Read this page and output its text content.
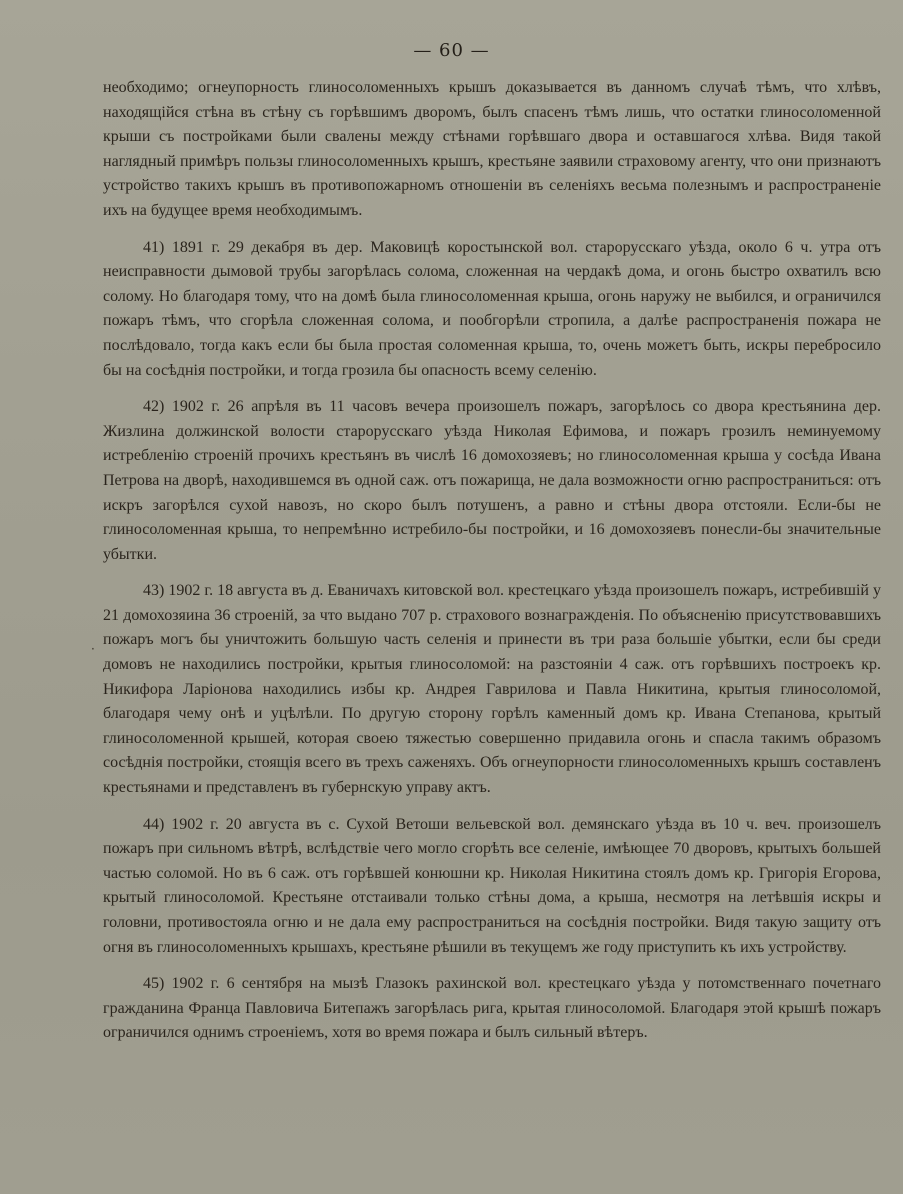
— 60 —
·

необходимо; огнеупорность глиносоломенныхъ крышъ доказывается въ данномъ случаѣ тѣмъ, что хлѣвъ, находящійся стѣна въ стѣну съ горѣвшимъ дворомъ, былъ спасенъ тѣмъ лишь, что остатки глиносоломенной крыши съ постройками были свалены между стѣнами горѣвшаго двора и оставшагося хлѣва. Видя такой наглядный примѣръ пользы глиносоломенныхъ крышъ, крестьяне заявили страховому агенту, что они признаютъ устройство такихъ крышъ въ противопожарномъ отношеніи въ селеніяхъ весьма полезнымъ и распространеніе ихъ на будущее время необходимымъ.

41) 1891 г. 29 декабря въ дер. Маковицѣ коростынской вол. старорусскаго уѣзда, около 6 ч. утра отъ неисправности дымовой трубы загорѣлась солома, сложенная на чердакѣ дома, и огонь быстро охватилъ всю солому. Но благодаря тому, что на домѣ была глиносоломенная крыша, огонь наружу не выбился, и ограничился пожаръ тѣмъ, что сгорѣла сложенная солома, и пообгорѣли стропила, а далѣе распространенія пожара не послѣдовало, тогда какъ если бы была простая соломенная крыша, то, очень можетъ быть, искры перебросило бы на сосѣднія постройки, и тогда грозила бы опасность всему селенію.

42) 1902 г. 26 апрѣля въ 11 часовъ вечера произошелъ пожаръ, загорѣлось со двора крестьянина дер. Жизлина должинской волости старорусскаго уѣзда Николая Ефимова, и пожаръ грозилъ неминуемому истребленію строеній прочихъ крестьянъ въ числѣ 16 домохозяевъ; но глиносоломенная крыша у сосѣда Ивана Петрова на дворѣ, находившемся въ одной саж. отъ пожарища, не дала возможности огню распространиться: отъ искръ загорѣлся сухой навозъ, но скоро былъ потушенъ, а равно и стѣны двора отстояли. Если-бы не глиносоломенная крыша, то непремѣнно истребило-бы постройки, и 16 домохозяевъ понесли-бы значительные убытки.

43) 1902 г. 18 августа въ д. Еваничахъ китовской вол. крестецкаго уѣзда произошелъ пожаръ, истребившій у 21 домохозяина 36 строеній, за что выдано 707 р. страхового вознагражденія. По объясненію присутствовавшихъ пожаръ могъ бы уничтожить большую часть селенія и принести въ три раза большіе убытки, если бы среди домовъ не находились постройки, крытыя глиносоломой: на разстояніи 4 саж. отъ горѣвшихъ построекъ кр. Никифора Ларіонова находились избы кр. Андрея Гаврилова и Павла Никитина, крытыя глиносоломой, благодаря чему онѣ и уцѣлѣли. По другую сторону горѣлъ каменный домъ кр. Ивана Степанова, крытый глиносоломенной крышей, которая своею тяжестью совершенно придавила огонь и спасла такимъ образомъ сосѣднія постройки, стоящія всего въ трехъ саженяхъ. Объ огнеупорности глиносоломенныхъ крышъ составленъ крестьянами и представленъ въ губернскую управу актъ.

44) 1902 г. 20 августа въ с. Сухой Ветоши вельевской вол. демянскаго уѣзда въ 10 ч. веч. произошелъ пожаръ при сильномъ вѣтрѣ, вслѣдствіе чего могло сгорѣть все селеніе, имѣющее 70 дворовъ, крытыхъ большей частью соломой. Но въ 6 саж. отъ горѣвшей конюшни кр. Николая Никитина стоялъ домъ кр. Григорія Егорова, крытый глиносоломой. Крестьяне отстаивали только стѣны дома, а крыша, несмотря на летѣвшія искры и головни, противостояла огню и не дала ему распространиться на сосѣднія постройки. Видя такую защиту отъ огня въ глиносоломенныхъ крышахъ, крестьяне рѣшили въ текущемъ же году приступить къ ихъ устройству.

45) 1902 г. 6 сентября на мызѣ Глазокъ рахинской вол. крестецкаго уѣзда у потомственнаго почетнаго гражданина Франца Павловича Битепажъ загорѣлась рига, крытая глиносоломой. Благодаря этой крышѣ пожаръ ограничился однимъ строеніемъ, хотя во время пожара и былъ сильный вѣтеръ.
